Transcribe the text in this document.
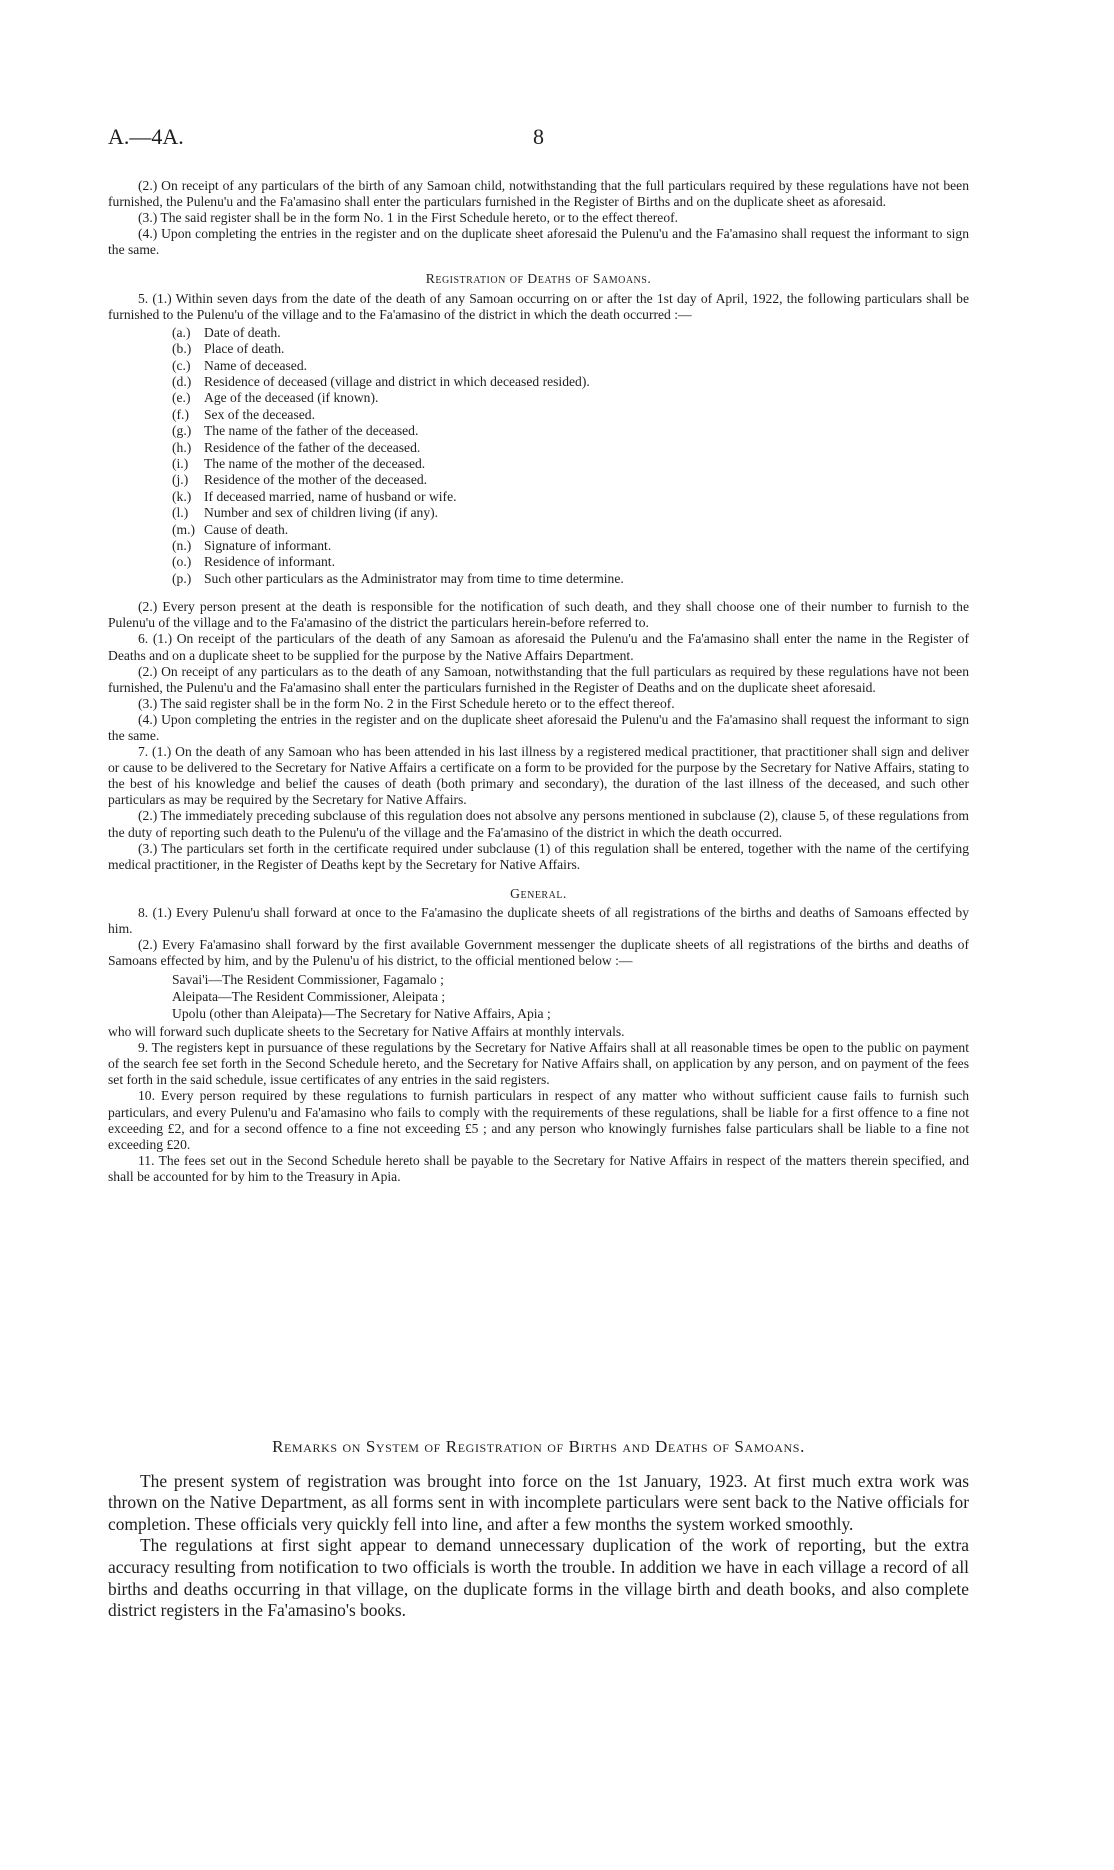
A.—4A.	8

(2.) On receipt of any particulars of the birth of any Samoan child, notwithstanding that the full particulars required by these regulations have not been furnished, the Pulenu'u and the Fa'amasino shall enter the particulars furnished in the Register of Births and on the duplicate sheet as aforesaid.

(3.) The said register shall be in the form No. 1 in the First Schedule hereto, or to the effect thereof.

(4.) Upon completing the entries in the register and on the duplicate sheet aforesaid the Pulenu'u and the Fa'amasino shall request the informant to sign the same.

Registration of Deaths of Samoans.

5. (1.) Within seven days from the date of the death of any Samoan occurring on or after the 1st day of April, 1922, the following particulars shall be furnished to the Pulenu'u of the village and to the Fa'amasino of the district in which the death occurred :—

(a.) Date of death.
(b.) Place of death.
(c.) Name of deceased.
(d.) Residence of deceased (village and district in which deceased resided).
(e.) Age of the deceased (if known).
(f.) Sex of the deceased.
(g.) The name of the father of the deceased.
(h.) Residence of the father of the deceased.
(i.) The name of the mother of the deceased.
(j.) Residence of the mother of the deceased.
(k.) If deceased married, name of husband or wife.
(l.) Number and sex of children living (if any).
(m.) Cause of death.
(n.) Signature of informant.
(o.) Residence of informant.
(p.) Such other particulars as the Administrator may from time to time determine.

(2.) Every person present at the death is responsible for the notification of such death, and they shall choose one of their number to furnish to the Pulenu'u of the village and to the Fa'amasino of the district the particulars herein-before referred to.

6. (1.) On receipt of the particulars of the death of any Samoan as aforesaid the Pulenu'u and the Fa'amasino shall enter the name in the Register of Deaths and on a duplicate sheet to be supplied for the purpose by the Native Affairs Department.

(2.) On receipt of any particulars as to the death of any Samoan, notwithstanding that the full particulars as required by these regulations have not been furnished, the Pulenu'u and the Fa'amasino shall enter the particulars furnished in the Register of Deaths and on the duplicate sheet aforesaid.

(3.) The said register shall be in the form No. 2 in the First Schedule hereto or to the effect thereof.

(4.) Upon completing the entries in the register and on the duplicate sheet aforesaid the Pulenu'u and the Fa'amasino shall request the informant to sign the same.

7. (1.) On the death of any Samoan who has been attended in his last illness by a registered medical practitioner, that practitioner shall sign and deliver or cause to be delivered to the Secretary for Native Affairs a certificate on a form to be provided for the purpose by the Secretary for Native Affairs, stating to the best of his knowledge and belief the causes of death (both primary and secondary), the duration of the last illness of the deceased, and such other particulars as may be required by the Secretary for Native Affairs.

(2.) The immediately preceding subclause of this regulation does not absolve any persons mentioned in subclause (2), clause 5, of these regulations from the duty of reporting such death to the Pulenu'u of the village and the Fa'amasino of the district in which the death occurred.

(3.) The particulars set forth in the certificate required under subclause (1) of this regulation shall be entered, together with the name of the certifying medical practitioner, in the Register of Deaths kept by the Secretary for Native Affairs.

General.

8. (1.) Every Pulenu'u shall forward at once to the Fa'amasino the duplicate sheets of all registrations of the births and deaths of Samoans effected by him.

(2.) Every Fa'amasino shall forward by the first available Government messenger the duplicate sheets of all registrations of the births and deaths of Samoans effected by him, and by the Pulenu'u of his district, to the official mentioned below :—

Savai'i—The Resident Commissioner, Fagamalo ;
Aleipata—The Resident Commissioner, Aleipata ;
Upolu (other than Aleipata)—The Secretary for Native Affairs, Apia ;

who will forward such duplicate sheets to the Secretary for Native Affairs at monthly intervals.

9. The registers kept in pursuance of these regulations by the Secretary for Native Affairs shall at all reasonable times be open to the public on payment of the search fee set forth in the Second Schedule hereto, and the Secretary for Native Affairs shall, on application by any person, and on payment of the fees set forth in the said schedule, issue certificates of any entries in the said registers.

10. Every person required by these regulations to furnish particulars in respect of any matter who without sufficient cause fails to furnish such particulars, and every Pulenu'u and Fa'amasino who fails to comply with the requirements of these regulations, shall be liable for a first offence to a fine not exceeding £2, and for a second offence to a fine not exceeding £5 ; and any person who knowingly furnishes false particulars shall be liable to a fine not exceeding £20.

11. The fees set out in the Second Schedule hereto shall be payable to the Secretary for Native Affairs in respect of the matters therein specified, and shall be accounted for by him to the Treasury in Apia.

Remarks on System of Registration of Births and Deaths of Samoans.

The present system of registration was brought into force on the 1st January, 1923. At first much extra work was thrown on the Native Department, as all forms sent in with incomplete particulars were sent back to the Native officials for completion. These officials very quickly fell into line, and after a few months the system worked smoothly.

The regulations at first sight appear to demand unnecessary duplication of the work of reporting, but the extra accuracy resulting from notification to two officials is worth the trouble. In addition we have in each village a record of all births and deaths occurring in that village, on the duplicate forms in the village birth and death books, and also complete district registers in the Fa'amasino's books.
